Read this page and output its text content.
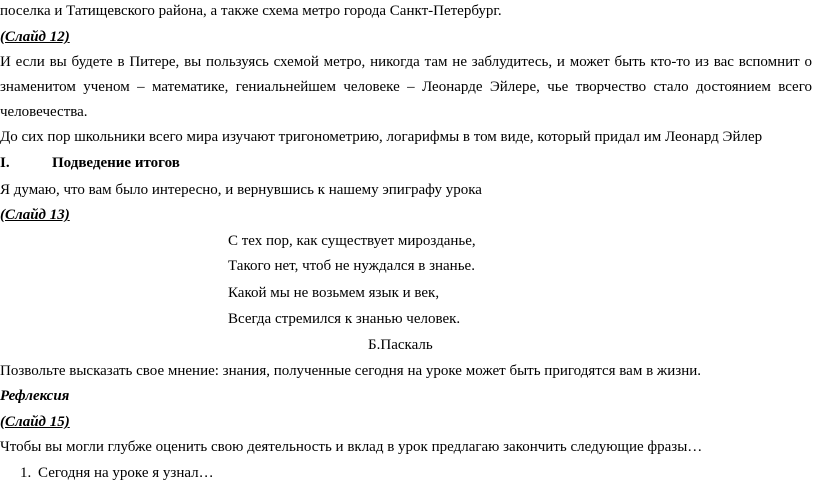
поселка и Татищевского района, а также схема метро города Санкт-Петербург.
(Слайд 12)
И если вы будете в Питере, вы пользуясь схемой метро, никогда там не заблудитесь, и может быть кто-то из вас вспомнит о
знаменитом ученом – математике, гениальнейшем человеке – Леонарде Эйлере, чье творчество стало достоянием всего
человечества.
До сих пор школьники всего мира изучают тригонометрию, логарифмы в том виде, который придал им Леонард Эйлер
I.	Подведение итогов
Я думаю, что вам было интересно, и вернувшись к нашему эпиграфу урока
(Слайд 13)
С тех пор, как существует мирозданье,
Такого нет, чтоб не нуждался в знанье.
Какой мы не возьмем язык и век,
Всегда стремился к знанью человек.
Б.Паскаль
Позвольте высказать свое мнение: знания, полученные сегодня на уроке может быть пригодятся вам в жизни.
Рефлексия
(Слайд 15)
Чтобы вы могли глубже оценить свою деятельность и вклад в урок предлагаю закончить следующие фразы…
1. Сегодня на уроке я узнал…
